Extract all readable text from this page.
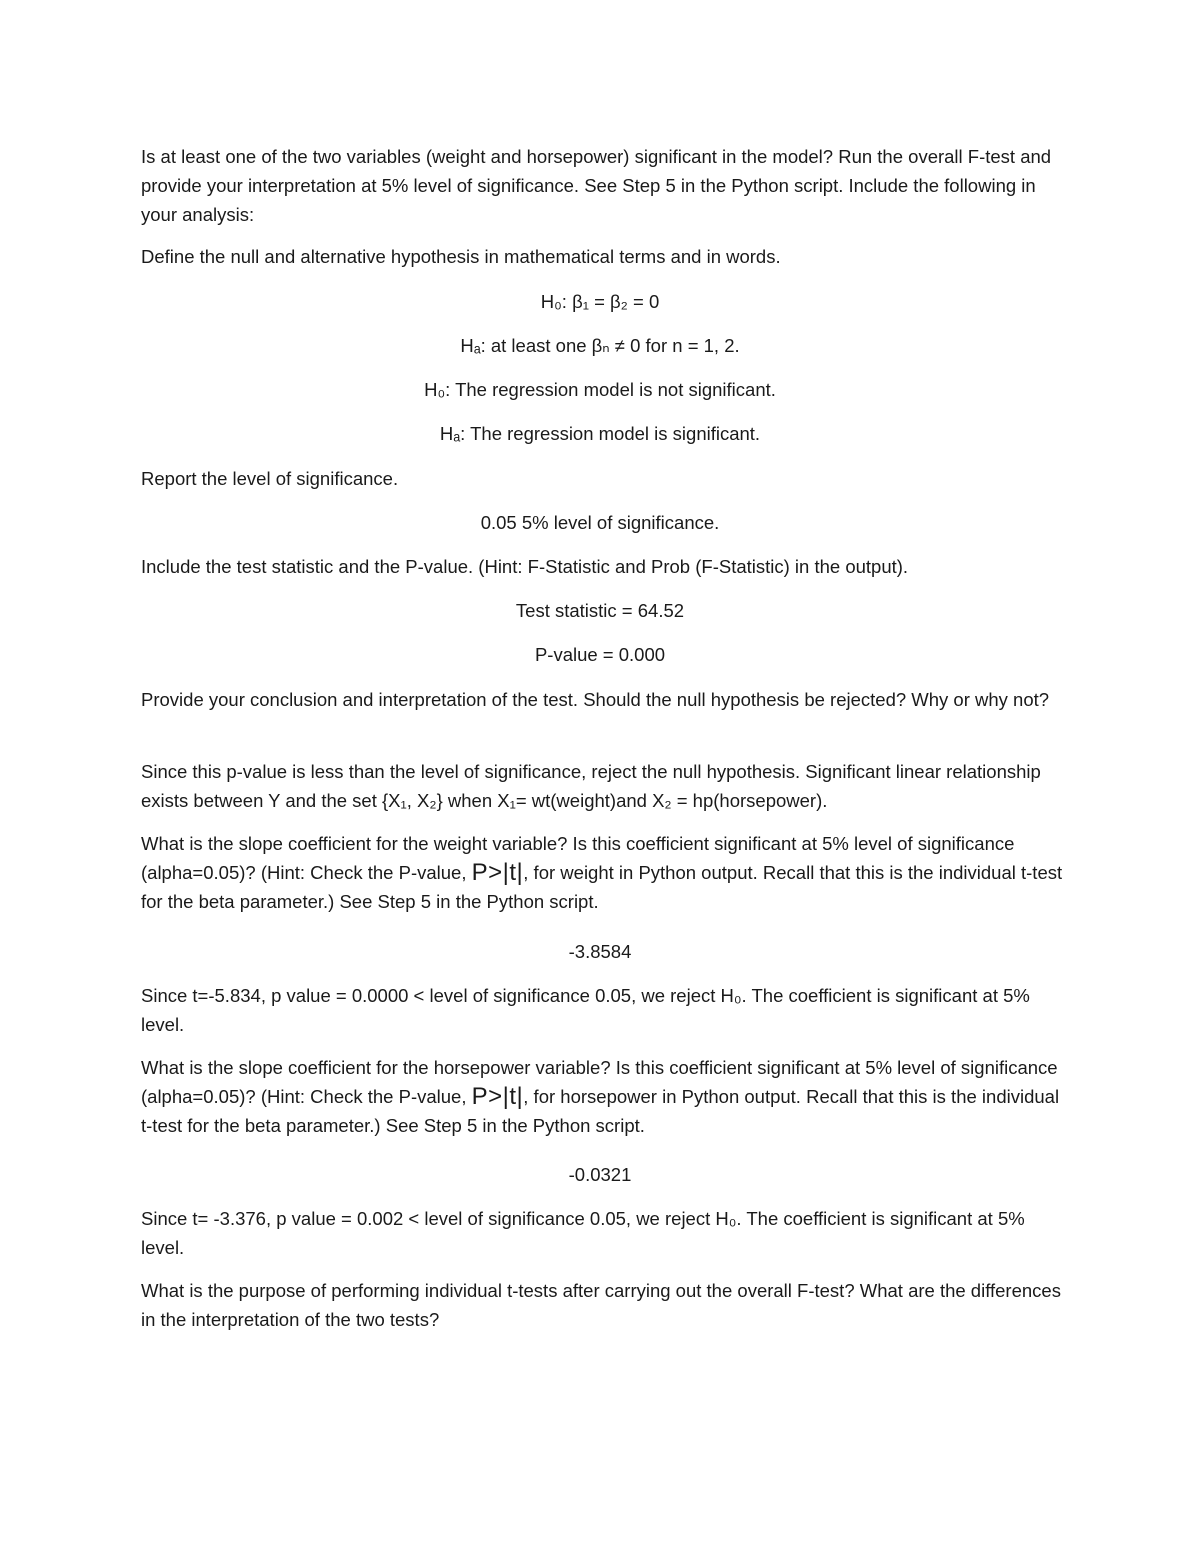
Is at least one of the two variables (weight and horsepower) significant in the model? Run the overall F-test and provide your interpretation at 5% level of significance. See Step 5 in the Python script. Include the following in your analysis:

Define the null and alternative hypothesis in mathematical terms and in words.

H₀: β₁ = β₂ = 0

Hₐ: at least one βₙ ≠ 0 for n = 1, 2.

H₀: The regression model is not significant.

Hₐ: The regression model is significant.

Report the level of significance.

0.05 5% level of significance.

Include the test statistic and the P-value. (Hint: F-Statistic and Prob (F-Statistic) in the output).

Test statistic = 64.52

P-value = 0.000

Provide your conclusion and interpretation of the test. Should the null hypothesis be rejected? Why or why not?

Since this p-value is less than the level of significance, reject the null hypothesis. Significant linear relationship exists between Y and the set {X₁, X₂} when X₁= wt(weight)and X₂ = hp(horsepower).

What is the slope coefficient for the weight variable? Is this coefficient significant at 5% level of significance (alpha=0.05)? (Hint: Check the P-value, P>|t|, for weight in Python output. Recall that this is the individual t-test for the beta parameter.) See Step 5 in the Python script.

-3.8584

Since t=-5.834, p value = 0.0000 < level of significance 0.05, we reject H₀. The coefficient is significant at 5% level.

What is the slope coefficient for the horsepower variable? Is this coefficient significant at 5% level of significance (alpha=0.05)? (Hint: Check the P-value, P>|t|, for horsepower in Python output. Recall that this is the individual t-test for the beta parameter.) See Step 5 in the Python script.

-0.0321

Since t= -3.376, p value = 0.002 < level of significance 0.05, we reject H₀. The coefficient is significant at 5% level.

What is the purpose of performing individual t-tests after carrying out the overall F-test? What are the differences in the interpretation of the two tests?
